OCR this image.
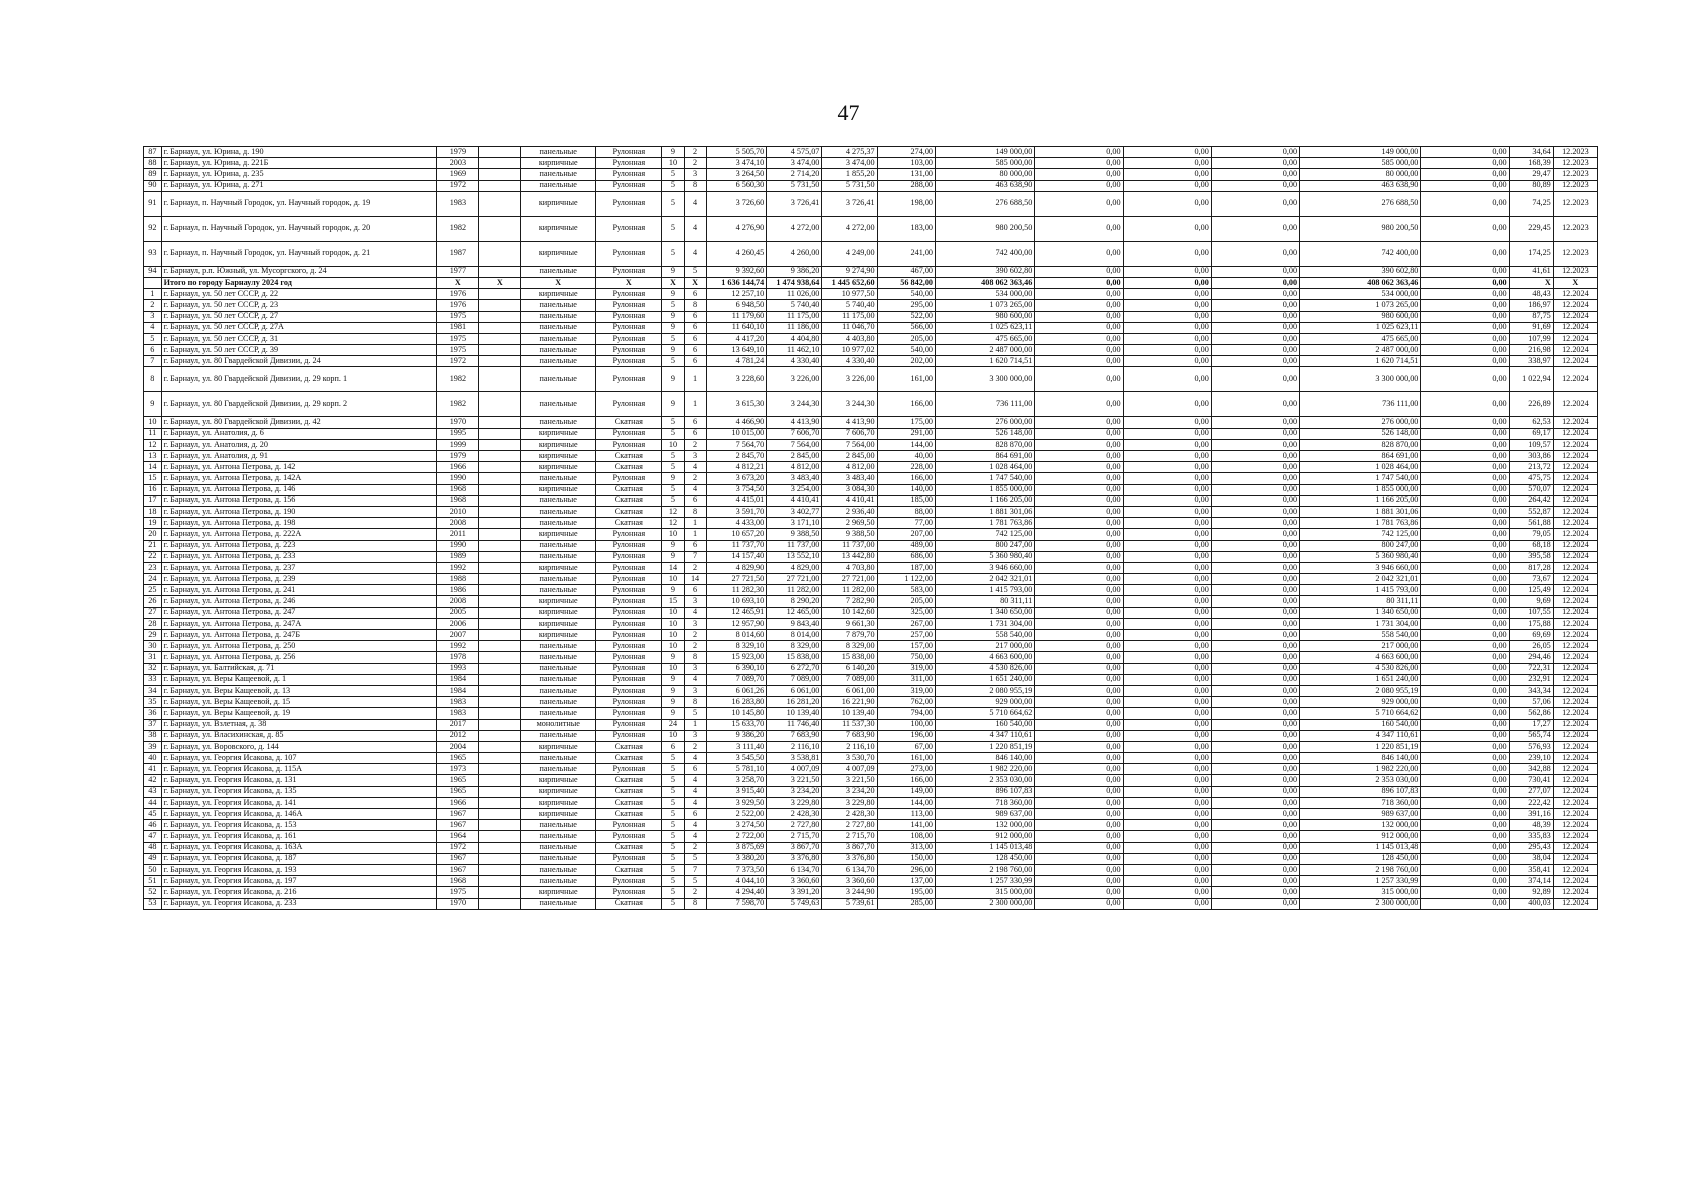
47
87	г. Барнаул, ул. Юрина, д. 190	1979		панельные	Рулонная	9	2	5 505,70	4 575,07	4 275,37	274,00	149 000,00	0,00	0,00	0,00	149 000,00	0,00	34,64	12.2023
88	г. Барнаул, ул. Юрина, д. 221Б	2003		кирпичные	Рулонная	10	2	3 474,10	3 474,00	3 474,00	103,00	585 000,00	0,00	0,00	0,00	585 000,00	0,00	168,39	12.2023
89	г. Барнаул, ул. Юрина, д. 235	1969		панельные	Рулонная	5	3	3 264,50	2 714,20	1 855,20	131,00	80 000,00	0,00	0,00	0,00	80 000,00	0,00	29,47	12.2023
90	г. Барнаул, ул. Юрина, д. 271	1972		панельные	Рулонная	5	8	6 560,30	5 731,50	5 731,50	288,00	463 638,90	0,00	0,00	0,00	463 638,90	0,00	80,89	12.2023
91	г. Барнаул, п. Научный Городок, ул. Научный городок, д. 19	1983		кирпичные	Рулонная	5	4	3 726,60	3 726,41	3 726,41	198,00	276 688,50	0,00	0,00	0,00	276 688,50	0,00	74,25	12.2023
92	г. Барнаул, п. Научный Городок, ул. Научный городок, д. 20	1982		кирпичные	Рулонная	5	4	4 276,90	4 272,00	4 272,00	183,00	980 200,50	0,00	0,00	0,00	980 200,50	0,00	229,45	12.2023
93	г. Барнаул, п. Научный Городок, ул. Научный городок, д. 21	1987		кирпичные	Рулонная	5	4	4 260,45	4 260,00	4 249,00	241,00	742 400,00	0,00	0,00	0,00	742 400,00	0,00	174,25	12.2023
94	г. Барнаул, р.п. Южный, ул. Мусоргского, д. 24	1977		панельные	Рулонная	9	5	9 392,60	9 386,20	9 274,90	467,00	390 602,80	0,00	0,00	0,00	390 602,80	0,00	41,61	12.2023
	Итого по городу Барнаулу 2024 год	X	X	X	X	X	X	1 636 144,74	1 474 938,64	1 445 652,60	56 842,00	408 062 363,46	0,00	0,00	0,00	408 062 363,46	0,00	X	X
1	г. Барнаул, ул. 50 лет СССР, д. 22	1976		кирпичные	Рулонная	9	6	12 257,10	11 026,00	10 977,50	540,00	534 000,00	0,00	0,00	0,00	534 000,00	0,00	48,43	12.2024
2	г. Барнаул, ул. 50 лет СССР, д. 23	1976		панельные	Рулонная	5	8	6 948,50	5 740,40	5 740,40	295,00	1 073 265,00	0,00	0,00	0,00	1 073 265,00	0,00	186,97	12.2024
3	г. Барнаул, ул. 50 лет СССР, д. 27	1975		панельные	Рулонная	9	6	11 179,60	11 175,00	11 175,00	522,00	980 600,00	0,00	0,00	0,00	980 600,00	0,00	87,75	12.2024
4	г. Барнаул, ул. 50 лет СССР, д. 27А	1981		панельные	Рулонная	9	6	11 640,10	11 186,00	11 046,70	566,00	1 025 623,11	0,00	0,00	0,00	1 025 623,11	0,00	91,69	12.2024
5	г. Барнаул, ул. 50 лет СССР, д. 31	1975		панельные	Рулонная	5	6	4 417,20	4 404,80	4 403,80	205,00	475 665,00	0,00	0,00	0,00	475 665,00	0,00	107,99	12.2024
6	г. Барнаул, ул. 50 лет СССР, д. 39	1975		панельные	Рулонная	9	6	13 649,10	11 462,10	10 977,02	540,00	2 487 000,00	0,00	0,00	0,00	2 487 000,00	0,00	216,98	12.2024
7	г. Барнаул, ул. 80 Гвардейской Дивизии, д. 24	1972		панельные	Рулонная	5	6	4 781,24	4 330,40	4 330,40	202,00	1 620 714,51	0,00	0,00	0,00	1 620 714,51	0,00	338,97	12.2024
8	г. Барнаул, ул. 80 Гвардейской Дивизии, д. 29 корп. 1	1982		панельные	Рулонная	9	1	3 228,60	3 226,00	3 226,00	161,00	3 300 000,00	0,00	0,00	0,00	3 300 000,00	0,00	1 022,94	12.2024
9	г. Барнаул, ул. 80 Гвардейской Дивизии, д. 29 корп. 2	1982		панельные	Рулонная	9	1	3 615,30	3 244,30	3 244,30	166,00	736 111,00	0,00	0,00	0,00	736 111,00	0,00	226,89	12.2024
10	г. Барнаул, ул. 80 Гвардейской Дивизии, д. 42	1970		панельные	Скатная	5	6	4 466,90	4 413,90	4 413,90	175,00	276 000,00	0,00	0,00	0,00	276 000,00	0,00	62,53	12.2024
11	г. Барнаул, ул. Анатолия, д. 6	1995		кирпичные	Рулонная	5	6	10 015,00	7 606,70	7 606,70	291,00	526 148,00	0,00	0,00	0,00	526 148,00	0,00	69,17	12.2024
12	г. Барнаул, ул. Анатолия, д. 20	1999		кирпичные	Рулонная	10	2	7 564,70	7 564,00	7 564,00	144,00	828 870,00	0,00	0,00	0,00	828 870,00	0,00	109,57	12.2024
13	г. Барнаул, ул. Анатолия, д. 91	1979		кирпичные	Скатная	5	3	2 845,70	2 845,00	2 845,00	40,00	864 691,00	0,00	0,00	0,00	864 691,00	0,00	303,86	12.2024
14	г. Барнаул, ул. Антона Петрова, д. 142	1966		кирпичные	Скатная	5	4	4 812,21	4 812,00	4 812,00	228,00	1 028 464,00	0,00	0,00	0,00	1 028 464,00	0,00	213,72	12.2024
15	г. Барнаул, ул. Антона Петрова, д. 142А	1990		панельные	Рулонная	9	2	3 673,20	3 483,40	3 483,40	166,00	1 747 540,00	0,00	0,00	0,00	1 747 540,00	0,00	475,75	12.2024
16	г. Барнаул, ул. Антона Петрова, д. 146	1968		кирпичные	Скатная	5	4	3 754,50	3 254,00	3 084,30	140,00	1 855 000,00	0,00	0,00	0,00	1 855 000,00	0,00	570,07	12.2024
17	г. Барнаул, ул. Антона Петрова, д. 156	1968		панельные	Скатная	5	6	4 415,01	4 410,41	4 410,41	185,00	1 166 205,00	0,00	0,00	0,00	1 166 205,00	0,00	264,42	12.2024
18	г. Барнаул, ул. Антона Петрова, д. 190	2010		панельные	Скатная	12	8	3 591,70	3 402,77	2 936,40	88,00	1 881 301,06	0,00	0,00	0,00	1 881 301,06	0,00	552,87	12.2024
19	г. Барнаул, ул. Антона Петрова, д. 198	2008		панельные	Скатная	12	1	4 433,00	3 171,10	2 969,50	77,00	1 781 763,86	0,00	0,00	0,00	1 781 763,86	0,00	561,88	12.2024
20	г. Барнаул, ул. Антона Петрова, д. 222А	2011		кирпичные	Рулонная	10	1	10 657,20	9 388,50	9 388,50	207,00	742 125,00	0,00	0,00	0,00	742 125,00	0,00	79,05	12.2024
21	г. Барнаул, ул. Антона Петрова, д. 223	1990		панельные	Рулонная	9	6	11 737,70	11 737,00	11 737,00	489,00	800 247,00	0,00	0,00	0,00	800 247,00	0,00	68,18	12.2024
22	г. Барнаул, ул. Антона Петрова, д. 233	1989		панельные	Рулонная	9	7	14 157,40	13 552,10	13 442,80	686,00	5 360 980,40	0,00	0,00	0,00	5 360 980,40	0,00	395,58	12.2024
23	г. Барнаул, ул. Антона Петрова, д. 237	1992		кирпичные	Рулонная	14	2	4 829,90	4 829,00	4 703,80	187,00	3 946 660,00	0,00	0,00	0,00	3 946 660,00	0,00	817,28	12.2024
24	г. Барнаул, ул. Антона Петрова, д. 239	1988		панельные	Рулонная	10	14	27 721,50	27 721,00	27 721,00	1 122,00	2 042 321,01	0,00	0,00	0,00	2 042 321,01	0,00	73,67	12.2024
25	г. Барнаул, ул. Антона Петрова, д. 241	1986		панельные	Рулонная	9	6	11 282,30	11 282,00	11 282,00	583,00	1 415 793,00	0,00	0,00	0,00	1 415 793,00	0,00	125,49	12.2024
26	г. Барнаул, ул. Антона Петрова, д. 246	2008		кирпичные	Рулонная	15	3	10 693,10	8 290,20	7 282,90	205,00	80 311,11	0,00	0,00	0,00	80 311,11	0,00	9,69	12.2024
27	г. Барнаул, ул. Антона Петрова, д. 247	2005		кирпичные	Рулонная	10	4	12 465,91	12 465,00	10 142,60	325,00	1 340 650,00	0,00	0,00	0,00	1 340 650,00	0,00	107,55	12.2024
28	г. Барнаул, ул. Антона Петрова, д. 247А	2006		кирпичные	Рулонная	10	3	12 957,90	9 843,40	9 661,30	267,00	1 731 304,00	0,00	0,00	0,00	1 731 304,00	0,00	175,88	12.2024
29	г. Барнаул, ул. Антона Петрова, д. 247Б	2007		кирпичные	Рулонная	10	2	8 014,60	8 014,00	7 879,70	257,00	558 540,00	0,00	0,00	0,00	558 540,00	0,00	69,69	12.2024
30	г. Барнаул, ул. Антона Петрова, д. 250	1992		панельные	Рулонная	10	2	8 329,10	8 329,00	8 329,00	157,00	217 000,00	0,00	0,00	0,00	217 000,00	0,00	26,05	12.2024
31	г. Барнаул, ул. Антона Петрова, д. 256	1978		панельные	Рулонная	9	8	15 923,00	15 838,00	15 838,00	750,00	4 663 600,00	0,00	0,00	0,00	4 663 600,00	0,00	294,46	12.2024
32	г. Барнаул, ул. Балтийская, д. 71	1993		панельные	Рулонная	10	3	6 390,10	6 272,70	6 140,20	319,00	4 530 826,00	0,00	0,00	0,00	4 530 826,00	0,00	722,31	12.2024
33	г. Барнаул, ул. Веры Кащеевой, д. 1	1984		панельные	Рулонная	9	4	7 089,70	7 089,00	7 089,00	311,00	1 651 240,00	0,00	0,00	0,00	1 651 240,00	0,00	232,91	12.2024
34	г. Барнаул, ул. Веры Кащеевой, д. 13	1984		панельные	Рулонная	9	3	6 061,26	6 061,00	6 061,00	319,00	2 080 955,19	0,00	0,00	0,00	2 080 955,19	0,00	343,34	12.2024
35	г. Барнаул, ул. Веры Кащеевой, д. 15	1983		панельные	Рулонная	9	8	16 283,80	16 281,20	16 221,90	762,00	929 000,00	0,00	0,00	0,00	929 000,00	0,00	57,06	12.2024
36	г. Барнаул, ул. Веры Кащеевой, д. 19	1983		панельные	Рулонная	9	5	10 145,80	10 139,40	10 139,40	794,00	5 710 664,62	0,00	0,00	0,00	5 710 664,62	0,00	562,86	12.2024
37	г. Барнаул, ул. Взлетная, д. 38	2017		монолитные	Рулонная	24	1	15 633,70	11 746,40	11 537,30	100,00	160 540,00	0,00	0,00	0,00	160 540,00	0,00	17,27	12.2024
38	г. Барнаул, ул. Власихинская, д. 85	2012		панельные	Рулонная	10	3	9 386,20	7 683,90	7 683,90	196,00	4 347 110,61	0,00	0,00	0,00	4 347 110,61	0,00	565,74	12.2024
39	г. Барнаул, ул. Воровского, д. 144	2004		кирпичные	Скатная	6	2	3 111,40	2 116,10	2 116,10	67,00	1 220 851,19	0,00	0,00	0,00	1 220 851,19	0,00	576,93	12.2024
40	г. Барнаул, ул. Георгия Исакова, д. 107	1965		панельные	Скатная	5	4	3 545,50	3 538,81	3 530,70	161,00	846 140,00	0,00	0,00	0,00	846 140,00	0,00	239,10	12.2024
41	г. Барнаул, ул. Георгия Исакова, д. 115А	1973		панельные	Рулонная	5	6	5 781,10	4 007,09	4 007,09	273,00	1 982 220,00	0,00	0,00	0,00	1 982 220,00	0,00	342,88	12.2024
42	г. Барнаул, ул. Георгия Исакова, д. 131	1965		кирпичные	Скатная	5	4	3 258,70	3 221,50	3 221,50	166,00	2 353 030,00	0,00	0,00	0,00	2 353 030,00	0,00	730,41	12.2024
43	г. Барнаул, ул. Георгия Исакова, д. 135	1965		кирпичные	Скатная	5	4	3 915,40	3 234,20	3 234,20	149,00	896 107,83	0,00	0,00	0,00	896 107,83	0,00	277,07	12.2024
44	г. Барнаул, ул. Георгия Исакова, д. 141	1966		кирпичные	Скатная	5	4	3 929,50	3 229,80	3 229,80	144,00	718 360,00	0,00	0,00	0,00	718 360,00	0,00	222,42	12.2024
45	г. Барнаул, ул. Георгия Исакова, д. 146А	1967		кирпичные	Скатная	5	6	2 522,00	2 428,30	2 428,30	113,00	989 637,00	0,00	0,00	0,00	989 637,00	0,00	391,16	12.2024
46	г. Барнаул, ул. Георгия Исакова, д. 153	1967		панельные	Рулонная	5	4	3 274,50	2 727,80	2 727,80	141,00	132 000,00	0,00	0,00	0,00	132 000,00	0,00	48,39	12.2024
47	г. Барнаул, ул. Георгия Исакова, д. 161	1964		панельные	Рулонная	5	4	2 722,00	2 715,70	2 715,70	108,00	912 000,00	0,00	0,00	0,00	912 000,00	0,00	335,83	12.2024
48	г. Барнаул, ул. Георгия Исакова, д. 163А	1972		панельные	Скатная	5	2	3 875,69	3 867,70	3 867,70	313,00	1 145 013,48	0,00	0,00	0,00	1 145 013,48	0,00	295,43	12.2024
49	г. Барнаул, ул. Георгия Исакова, д. 187	1967		панельные	Рулонная	5	5	3 380,20	3 376,80	3 376,80	150,00	128 450,00	0,00	0,00	0,00	128 450,00	0,00	38,04	12.2024
50	г. Барнаул, ул. Георгия Исакова, д. 193	1967		панельные	Скатная	5	7	7 373,50	6 134,70	6 134,70	296,00	2 198 760,00	0,00	0,00	0,00	2 198 760,00	0,00	358,41	12.2024
51	г. Барнаул, ул. Георгия Исакова, д. 197	1968		панельные	Рулонная	5	5	4 044,10	3 360,60	3 360,60	137,00	1 257 330,99	0,00	0,00	0,00	1 257 330,99	0,00	374,14	12.2024
52	г. Барнаул, ул. Георгия Исакова, д. 216	1975		кирпичные	Рулонная	5	2	4 294,40	3 391,20	3 244,90	195,00	315 000,00	0,00	0,00	0,00	315 000,00	0,00	92,89	12.2024
53	г. Барнаул, ул. Георгия Исакова, д. 233	1970		панельные	Скатная	5	8	7 598,70	5 749,63	5 739,61	285,00	2 300 000,00	0,00	0,00	0,00	2 300 000,00	0,00	400,03	12.2024
